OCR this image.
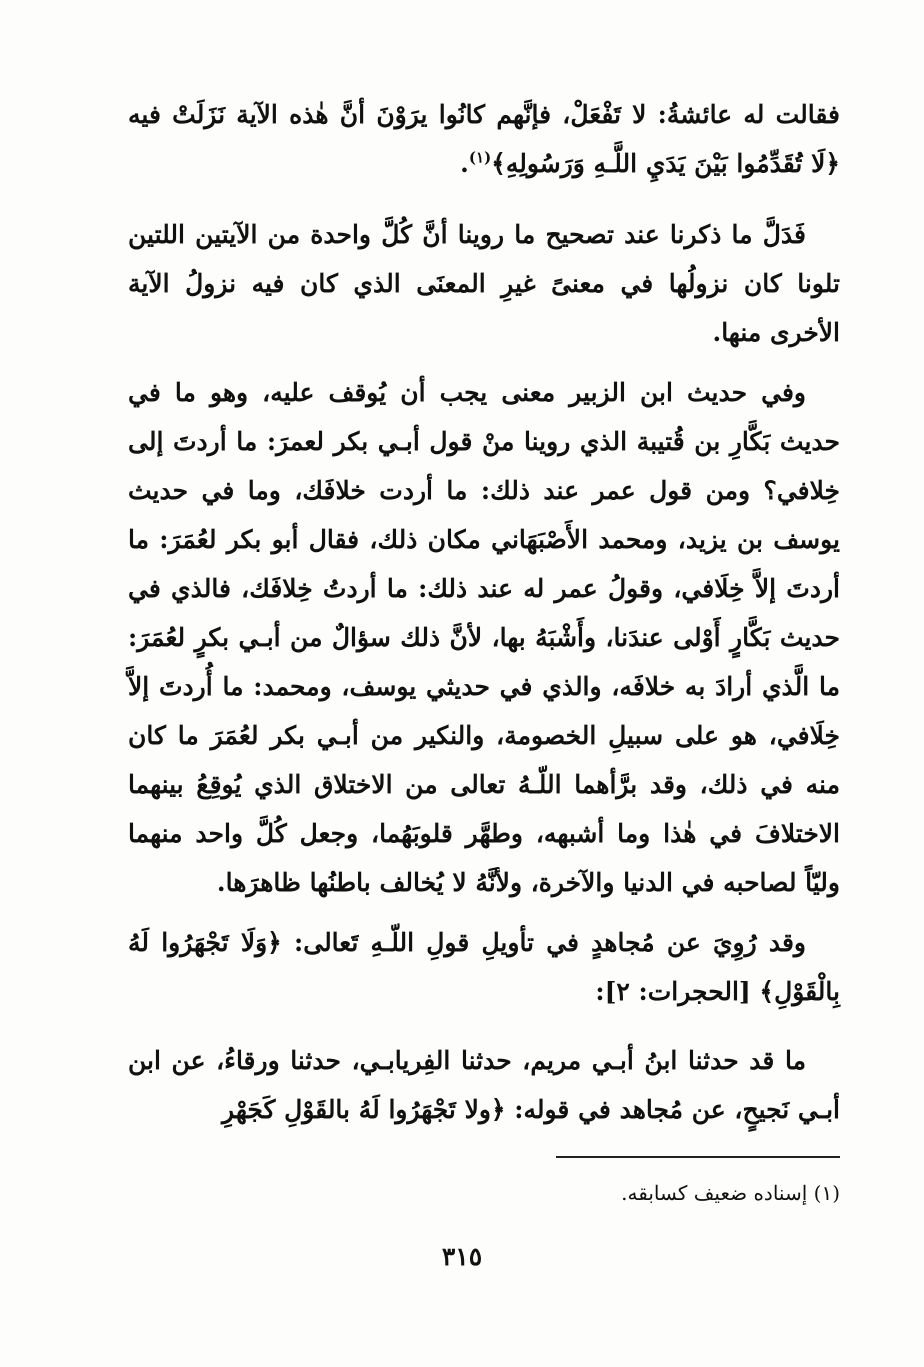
فقالت له عائشةُ: لا تَفْعَلْ، فإنَّهم كانُوا يرَوْنَ أنَّ هٰذه الآية نَزَلَتْ فيه ﴿لَا تُقَدِّمُوا بَيْنَ يَدَيِ اللَّـهِ وَرَسُولِهِ﴾$^{(١)}$.

فَدَلَّ ما ذكرنا عند تصحيح ما روينا أنَّ كُلَّ واحدة من الآيتين اللتين تلونا كان نزولُها في معنىً غيرِ المعنَى الذي كان فيه نزولُ الآية الأخرى منها.

وفي حديث ابن الزبير معنى يجب أن يُوقف عليه، وهو ما في حديث بَكَّارِ بن قُتيبة الذي روينا منْ قول أبـي بكر لعمرَ: ما أردتَ إلى خِلافي؟ ومن قول عمر عند ذلك: ما أردت خلافَك، وما في حديث يوسف بن يزيد، ومحمد الأَصْبَهَاني مكان ذلك، فقال أبو بكر لعُمَرَ: ما أردتَ إلاَّ خِلَافي، وقولُ عمر له عند ذلك: ما أردتُ خِلافَك، فالذي في حديث بَكَّارٍ أَوْلى عندَنا، وأَشْبَهُ بها، لأنَّ ذلك سؤالٌ من أبـي بكرٍ لعُمَرَ: ما الَّذي أرادَ به خلافَه، والذي في حديثي يوسف، ومحمد: ما أُردتَ إلاَّ خِلَافي، هو على سبيلِ الخصومة، والنكير من أبـي بكر لعُمَرَ ما كان منه في ذلك، وقد برَّأهما اللّـهُ تعالى من الاختلاق الذي يُوقِعُ بينهما الاختلافَ في هٰذا وما أشبهه، وطهَّر قلوبَهُما، وجعل كُلَّ واحد منهما وليّاً لصاحبه في الدنيا والآخرة، ولأنَّهُ لا يُخالف باطنُها ظاهرَها.

وقد رُوِيَ عن مُجاهدٍ في تأويلِ قولِ اللّـهِ تَعالى: ﴿وَلَا تَجْهَرُوا لَهُ بِالْقَوْلِ﴾ [الحجرات: ٢]:

ما قد حدثنا ابنُ أبـي مريم، حدثنا الفِريابـي، حدثنا ورقاءُ، عن ابن أبـي نَجيحٍ، عن مُجاهد في قوله: ﴿ولا تَجْهَرُوا لَهُ بالقَوْلِ كَجَهْرِ

(١) إسناده ضعيف كسابقه.
٣١٥
